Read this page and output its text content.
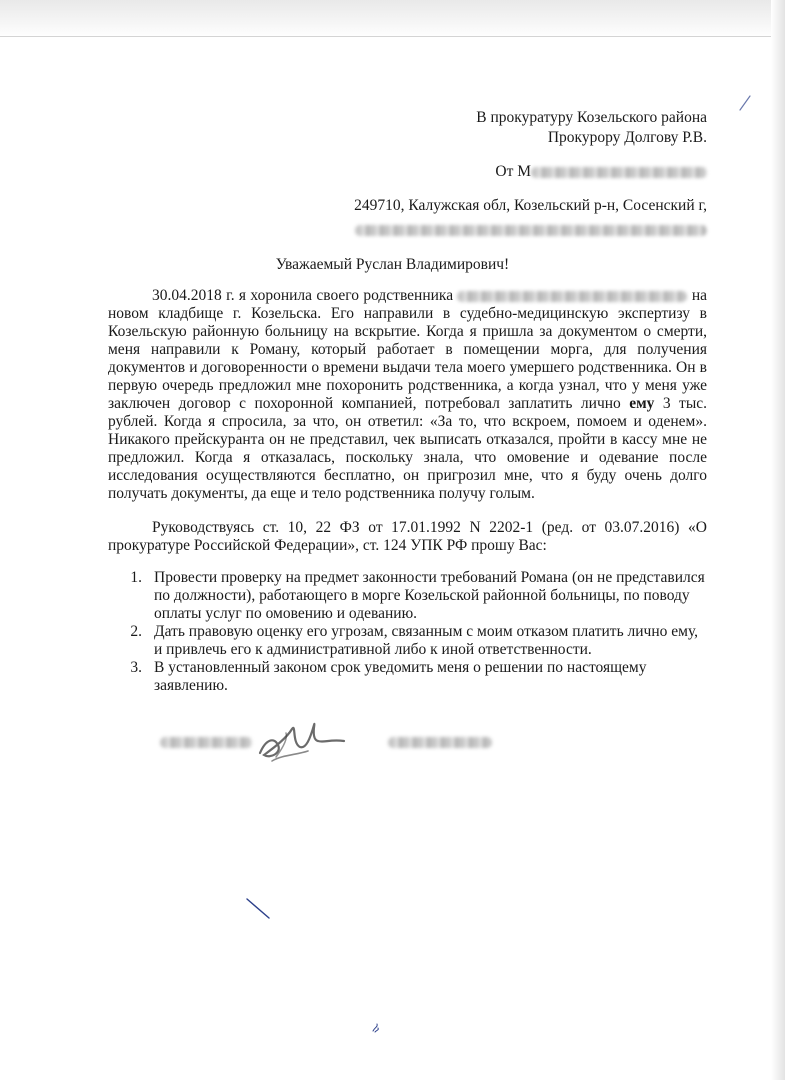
В прокуратуру Козельского района
Прокурору Долгову Р.В.
От М
249710, Калужская обл, Козельский р-н, Сосенский г,
Уважаемый Руслан Владимирович!

30.04.2018 г. я хоронила своего родственника	на новом кладбище г. Козельска. Его направили в судебно-медицинскую экспертизу в Козельскую районную больницу на вскрытие. Когда я пришла за документом о смерти, меня направили к Роману, который работает в помещении морга, для получения документов и договоренности о времени выдачи тела моего умершего родственника. Он в первую очередь предложил мне похоронить родственника, а когда узнал, что у меня уже заключен договор с похоронной компанией, потребовал заплатить лично ему 3 тыс. рублей. Когда я спросила, за что, он ответил: «За то, что вскроем, помоем и оденем». Никакого прейскуранта он не представил, чек выписать отказался, пройти в кассу мне не предложил. Когда я отказалась, поскольку знала, что омовение и одевание после исследования осуществляются бесплатно, он пригрозил мне, что я буду очень долго получать документы, да еще и тело родственника получу голым.

Руководствуясь ст. 10, 22 ФЗ от 17.01.1992 N 2202-1 (ред. от 03.07.2016) «О прокуратуре Российской Федерации», ст. 124 УПК РФ прошу Вас:

1. Провести проверку на предмет законности требований Романа (он не представился по должности), работающего в морге Козельской районной больницы, по поводу оплаты услуг по омовению и одеванию.
2. Дать правовую оценку его угрозам, связанным с моим отказом платить лично ему, и привлечь его к административной либо к иной ответственности.
3. В установленный законом срок уведомить меня о решении по настоящему заявлению.
